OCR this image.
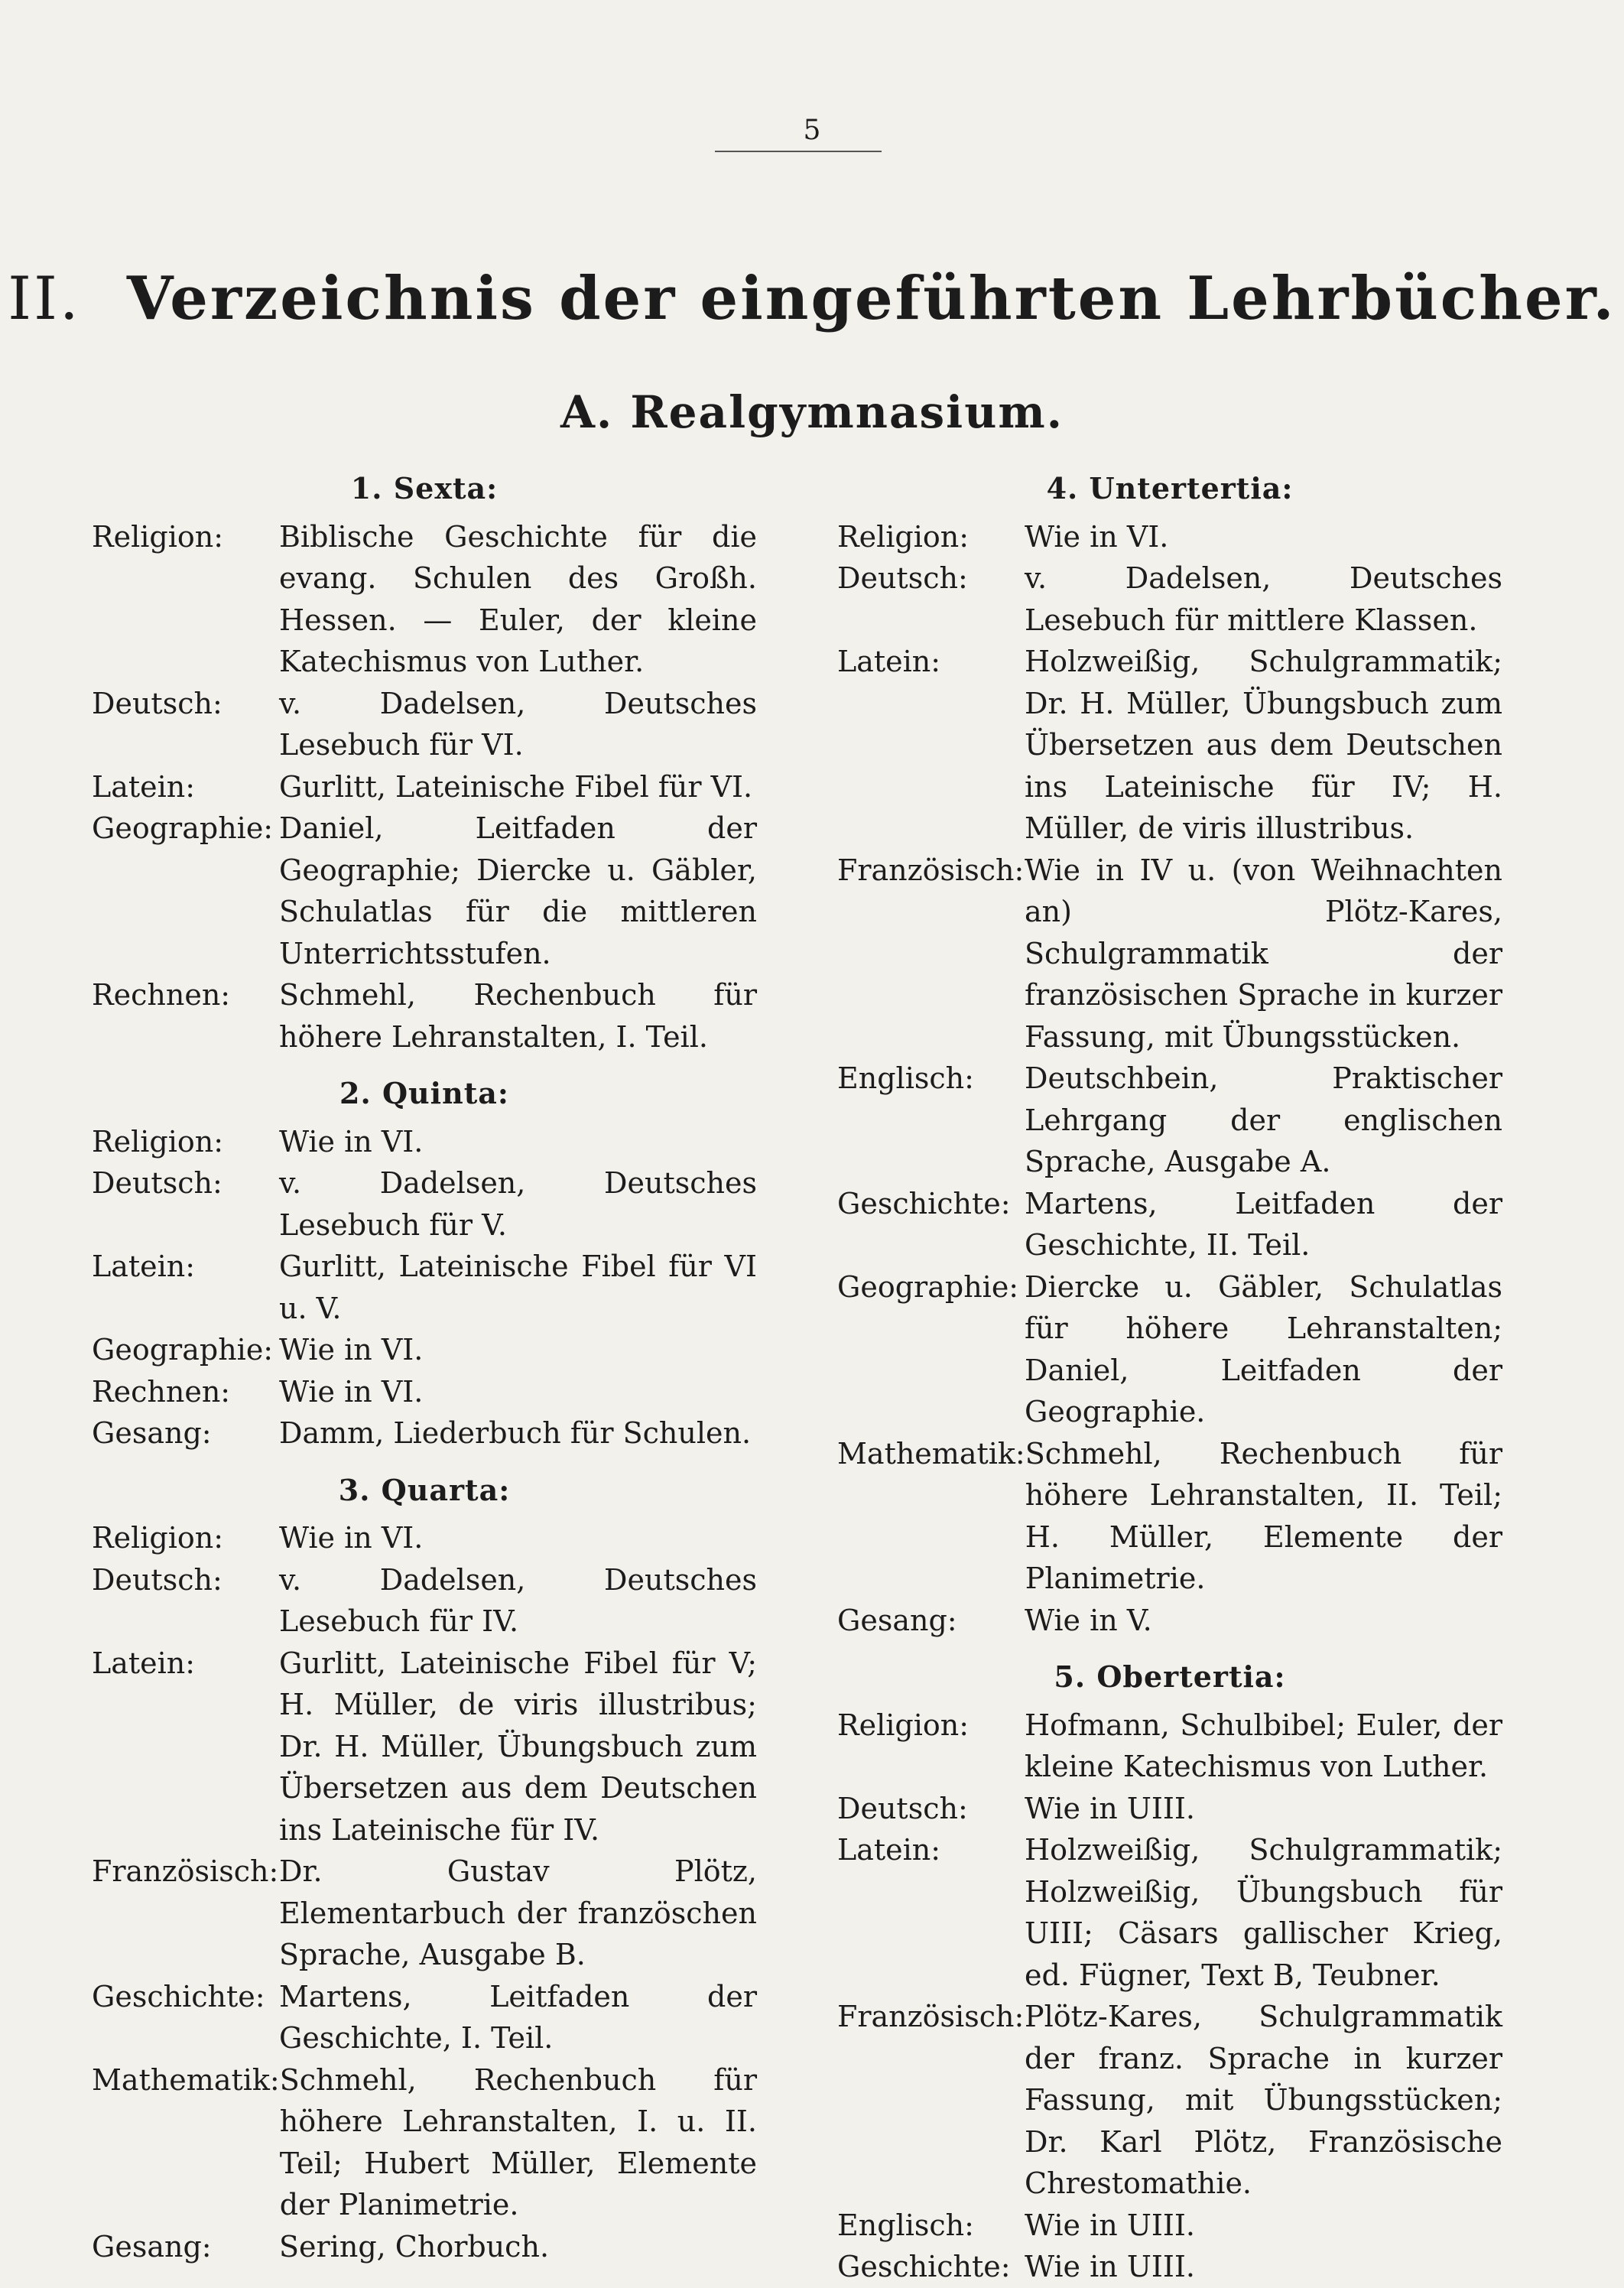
5
II. Verzeichnis der eingeführten Lehrbücher.
A. Realgymnasium.
1. Sexta:
Religion:	Biblische Geschichte für die evang. Schulen des Großh. Hessen. — Euler, der kleine Katechismus von Luther.
Deutsch:	v. Dadelsen, Deutsches Lesebuch für VI.
Latein:	Gurlitt, Lateinische Fibel für VI.
Geographie: Daniel, Leitfaden der Geographie; Diercke u. Gäbler, Schulatlas für die mittleren Unterrichtsstufen.
Rechnen:	Schmehl, Rechenbuch für höhere Lehranstalten, I. Teil.
2. Quinta:
Religion:	Wie in VI.
Deutsch:	v. Dadelsen, Deutsches Lesebuch für V.
Latein:	Gurlitt, Lateinische Fibel für VI u. V.
Geographie: Wie in VI.
Rechnen:	Wie in VI.
Gesang:	Damm, Liederbuch für Schulen.
3. Quarta:
Religion:	Wie in VI.
Deutsch:	v. Dadelsen, Deutsches Lesebuch für IV.
Latein:	Gurlitt, Lateinische Fibel für V; H. Müller, de viris illustribus; Dr. H. Müller, Übungsbuch zum Übersetzen aus dem Deutschen ins Lateinische für IV.
Französisch: Dr. Gustav Plötz, Elementarbuch der französchen Sprache, Ausgabe B.
Geschichte: Martens, Leitfaden der Geschichte, I. Teil.
Mathematik: Schmehl, Rechenbuch für höhere Lehranstalten, I. u. II. Teil; Hubert Müller, Elemente der Planimetrie.
Gesang:	Sering, Chorbuch.
4. Untertertia:
Religion:	Wie in VI.
Deutsch:	v. Dadelsen, Deutsches Lesebuch für mittlere Klassen.
Latein:	Holzweißig, Schulgrammatik; Dr. H. Müller, Übungsbuch zum Übersetzen aus dem Deutschen ins Lateinische für IV; H. Müller, de viris illustribus.
Französisch: Wie in IV u. (von Weihnachten an) Plötz-Kares, Schulgrammatik der französischen Sprache in kurzer Fassung, mit Übungsstücken.
Englisch:	Deutschbein, Praktischer Lehrgang der englischen Sprache, Ausgabe A.
Geschichte: Martens, Leitfaden der Geschichte, II. Teil.
Geographie: Diercke u. Gäbler, Schulatlas für höhere Lehranstalten; Daniel, Leitfaden der Geographie.
Mathematik: Schmehl, Rechenbuch für höhere Lehranstalten, II. Teil; H. Müller, Elemente der Planimetrie.
Gesang:	Wie in V.
5. Obertertia:
Religion:	Hofmann, Schulbibel; Euler, der kleine Katechismus von Luther.
Deutsch:	Wie in UIII.
Latein:	Holzweißig, Schulgrammatik; Holzweißig, Übungsbuch für UIII; Cäsars gallischer Krieg, ed. Fügner, Text B, Teubner.
Französisch: Plötz-Kares, Schulgrammatik der franz. Sprache in kurzer Fassung, mit Übungsstücken; Dr. Karl Plötz, Französische Chrestomathie.
Englisch:	Wie in UIII.
Geschichte: Wie in UIII.
